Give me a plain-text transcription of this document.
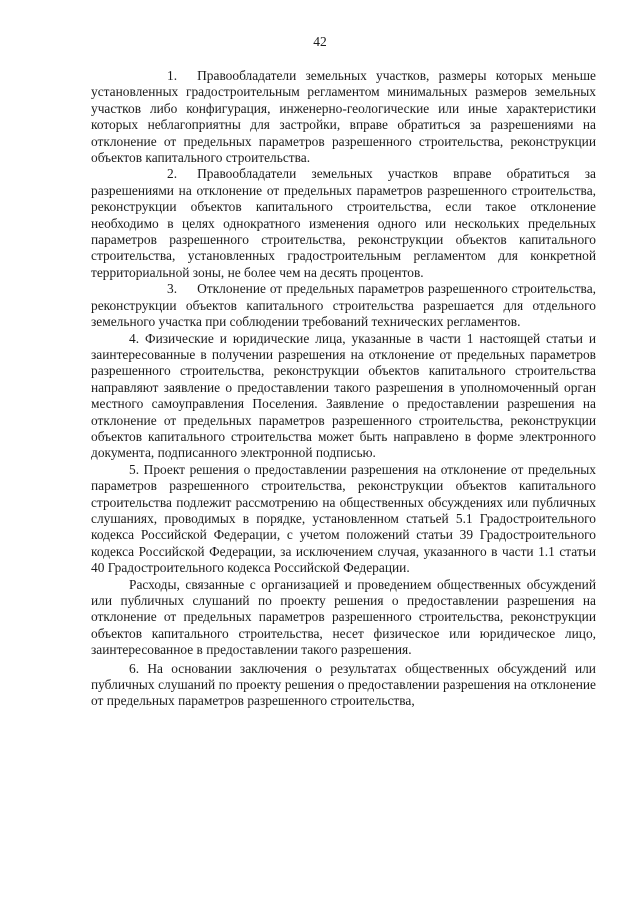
42

1.   Правообладатели земельных участков, размеры которых меньше установленных градостроительным регламентом минимальных размеров земельных участков либо конфигурация, инженерно-геологические или иные характеристики которых неблагоприятны для застройки, вправе обратиться за разрешениями на отклонение от предельных параметров разрешенного строительства, реконструкции объектов капитального строительства.

2.   Правообладатели земельных участков вправе обратиться за разрешениями на отклонение от предельных параметров разрешенного строительства, реконструкции объектов капитального строительства, если такое отклонение необходимо в целях однократного изменения одного или нескольких предельных параметров разрешенного строительства, реконструкции объектов капитального строительства, установленных градостроительным регламентом для конкретной территориальной зоны, не более чем на десять процентов.

3.   Отклонение от предельных параметров разрешенного строительства, реконструкции объектов капитального строительства разрешается для отдельного земельного участка при соблюдении требований технических регламентов.

4. Физические и юридические лица, указанные в части 1 настоящей статьи и заинтересованные в получении разрешения на отклонение от предельных параметров разрешенного строительства, реконструкции объектов капитального строительства направляют заявление о предоставлении такого разрешения в уполномоченный орган местного самоуправления Поселения. Заявление о предоставлении разрешения на отклонение от предельных параметров разрешенного строительства, реконструкции объектов капитального строительства может быть направлено в форме электронного документа, подписанного электронной подписью.

5. Проект решения о предоставлении разрешения на отклонение от предельных параметров разрешенного строительства, реконструкции объектов капитального строительства подлежит рассмотрению на общественных обсуждениях или публичных слушаниях, проводимых в порядке, установленном статьей 5.1 Градостроительного кодекса Российской Федерации, с учетом положений статьи 39 Градостроительного кодекса Российской Федерации, за исключением случая, указанного в части 1.1 статьи 40 Градостроительного кодекса Российской Федерации.

Расходы, связанные с организацией и проведением общественных обсуждений или публичных слушаний по проекту решения о предоставлении разрешения на отклонение от предельных параметров разрешенного строительства, реконструкции объектов капитального строительства, несет физическое или юридическое лицо, заинтересованное в предоставлении такого разрешения.

6. На основании заключения о результатах общественных обсуждений или публичных слушаний по проекту решения о предоставлении разрешения на отклонение от предельных параметров разрешенного строительства,
